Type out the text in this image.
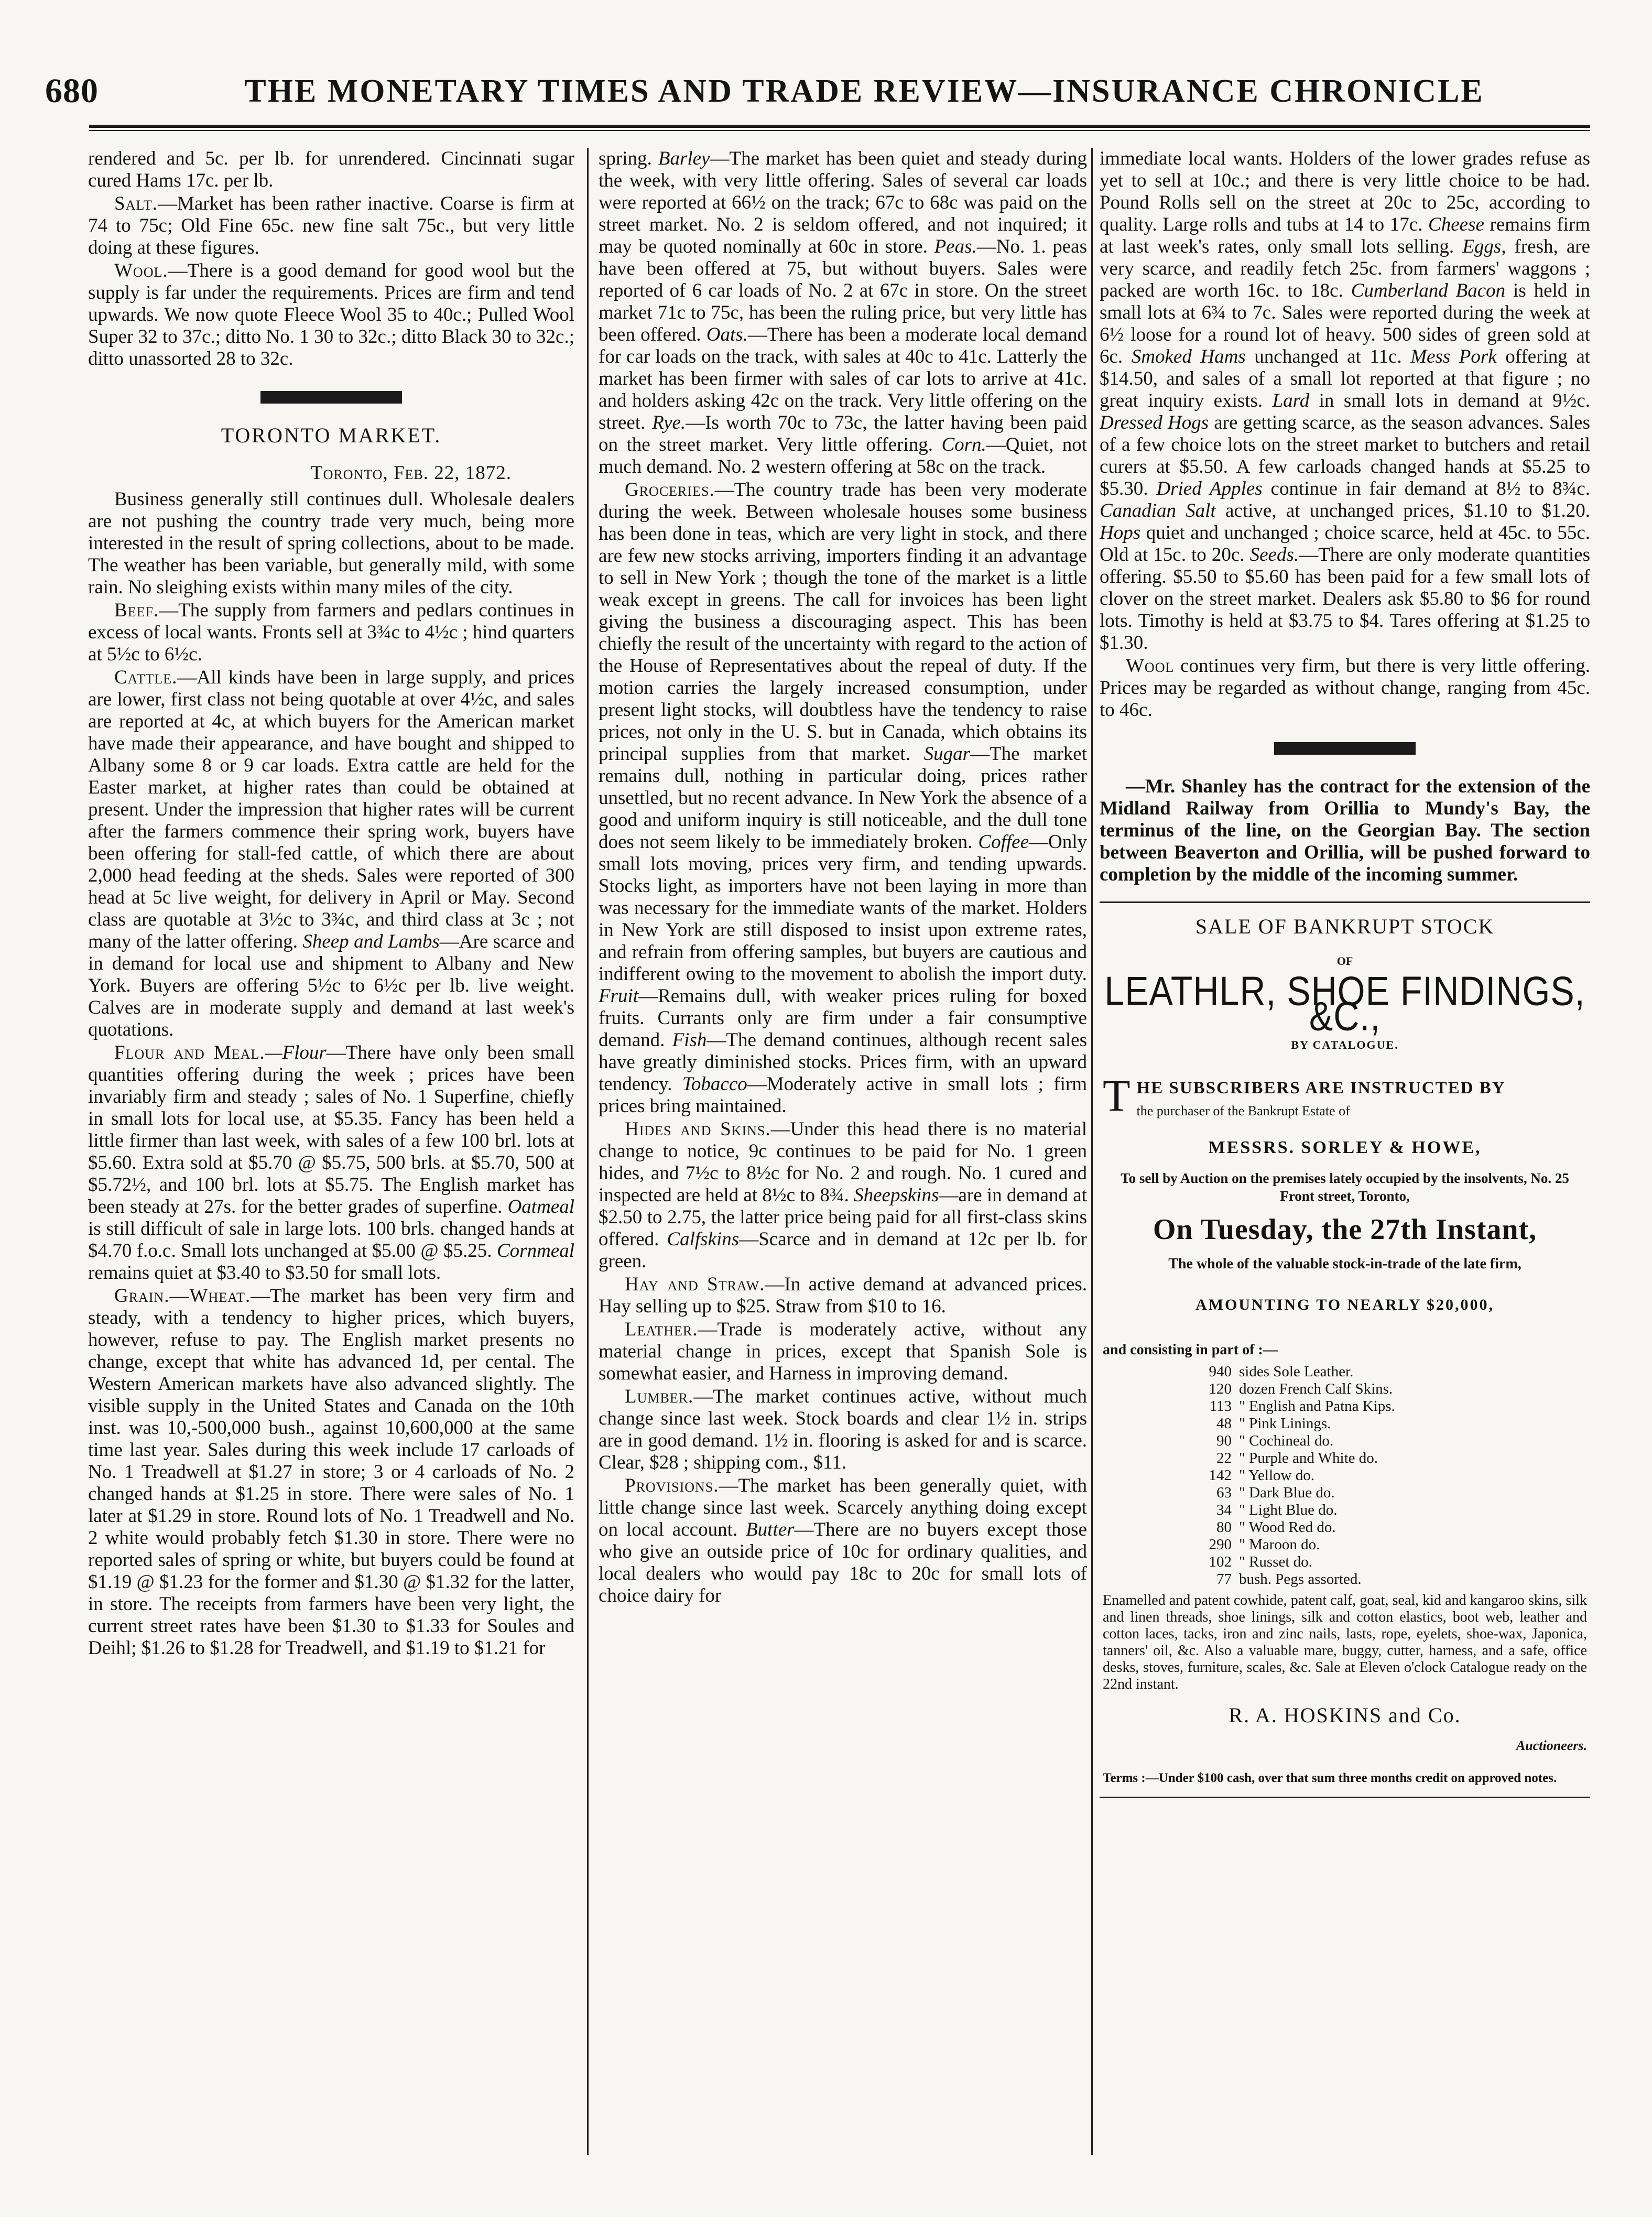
680	THE MONETARY TIMES AND TRADE REVIEW—INSURANCE CHRONICLE

rendered and 5c. per lb. for unrendered. Cincinnati sugar cured Hams 17c. per lb.

Salt.—Market has been rather inactive. Coarse is firm at 74 to 75c; Old Fine 65c. new fine salt 75c., but very little doing at these figures.

Wool.—There is a good demand for good wool but the supply is far under the requirements. Prices are firm and tend upwards. We now quote Fleece Wool 35 to 40c.; Pulled Wool Super 32 to 37c.; ditto No. 1 30 to 32c.; ditto Black 30 to 32c.; ditto unassorted 28 to 32c.

TORONTO MARKET.

Toronto, Feb. 22, 1872.

Business generally still continues dull. Wholesale dealers are not pushing the country trade very much, being more interested in the result of spring collections, about to be made. The weather has been variable, but generally mild, with some rain. No sleighing exists within many miles of the city.

Beef.—The supply from farmers and pedlars continues in excess of local wants. Fronts sell at 3¾c to 4½c ; hind quarters at 5½c to 6½c.

Cattle.—All kinds have been in large supply, and prices are lower, first class not being quotable at over 4½c, and sales are reported at 4c, at which buyers for the American market have made their appearance, and have bought and shipped to Albany some 8 or 9 car loads. Extra cattle are held for the Easter market, at higher rates than could be obtained at present. Under the impression that higher rates will be current after the farmers commence their spring work, buyers have been offering for stall-fed cattle, of which there are about 2,000 head feeding at the sheds. Sales were reported of 300 head at 5c live weight, for delivery in April or May. Second class are quotable at 3½c to 3¾c, and third class at 3c ; not many of the latter offering. Sheep and Lambs—Are scarce and in demand for local use and shipment to Albany and New York. Buyers are offering 5½c to 6½c per lb. live weight. Calves are in moderate supply and demand at last week's quotations.

Flour and Meal.—Flour—There have only been small quantities offering during the week ; prices have been invariably firm and steady ; sales of No. 1 Superfine, chiefly in small lots for local use, at $5.35. Fancy has been held a little firmer than last week, with sales of a few 100 brl. lots at $5.60. Extra sold at $5.70 @ $5.75, 500 brls. at $5.70, 500 at $5.72½, and 100 brl. lots at $5.75. The English market has been steady at 27s. for the better grades of superfine. Oatmeal is still difficult of sale in large lots. 100 brls. changed hands at $4.70 f.o.c. Small lots unchanged at $5.00 @ $5.25. Cornmeal remains quiet at $3.40 to $3.50 for small lots.

Grain.—Wheat.—The market has been very firm and steady, with a tendency to higher prices, which buyers, however, refuse to pay. The English market presents no change, except that white has advanced 1d, per cental. The Western American markets have also advanced slightly. The visible supply in the United States and Canada on the 10th inst. was 10,-500,000 bush., against 10,600,000 at the same time last year. Sales during this week include 17 carloads of No. 1 Treadwell at $1.27 in store; 3 or 4 carloads of No. 2 changed hands at $1.25 in store. There were sales of No. 1 later at $1.29 in store. Round lots of No. 1 Treadwell and No. 2 white would probably fetch $1.30 in store. There were no reported sales of spring or white, but buyers could be found at $1.19 @ $1.23 for the former and $1.30 @ $1.32 for the latter, in store. The receipts from farmers have been very light, the current street rates have been $1.30 to $1.33 for Soules and Deihl; $1.26 to $1.28 for Treadwell, and $1.19 to $1.21 for

spring. Barley—The market has been quiet and steady during the week, with very little offering. Sales of several car loads were reported at 66½ on the track; 67c to 68c was paid on the street market. No. 2 is seldom offered, and not inquired; it may be quoted nominally at 60c in store. Peas.—No. 1. peas have been offered at 75, but without buyers. Sales were reported of 6 car loads of No. 2 at 67c in store. On the street market 71c to 75c, has been the ruling price, but very little has been offered. Oats.—There has been a moderate local demand for car loads on the track, with sales at 40c to 41c. Latterly the market has been firmer with sales of car lots to arrive at 41c. and holders asking 42c on the track. Very little offering on the street. Rye.—Is worth 70c to 73c, the latter having been paid on the street market. Very little offering. Corn.—Quiet, not much demand. No. 2 western offering at 58c on the track.

Groceries.—The country trade has been very moderate during the week. Between wholesale houses some business has been done in teas, which are very light in stock, and there are few new stocks arriving, importers finding it an advantage to sell in New York ; though the tone of the market is a little weak except in greens. The call for invoices has been light giving the business a discouraging aspect. This has been chiefly the result of the uncertainty with regard to the action of the House of Representatives about the repeal of duty. If the motion carries the largely increased consumption, under present light stocks, will doubtless have the tendency to raise prices, not only in the U. S. but in Canada, which obtains its principal supplies from that market. Sugar—The market remains dull, nothing in particular doing, prices rather unsettled, but no recent advance. In New York the absence of a good and uniform inquiry is still noticeable, and the dull tone does not seem likely to be immediately broken. Coffee—Only small lots moving, prices very firm, and tending upwards. Stocks light, as importers have not been laying in more than was necessary for the immediate wants of the market. Holders in New York are still disposed to insist upon extreme rates, and refrain from offering samples, but buyers are cautious and indifferent owing to the movement to abolish the import duty. Fruit—Remains dull, with weaker prices ruling for boxed fruits. Currants only are firm under a fair consumptive demand. Fish—The demand continues, although recent sales have greatly diminished stocks. Prices firm, with an upward tendency. Tobacco—Moderately active in small lots ; firm prices bring maintained.

Hides and Skins.—Under this head there is no material change to notice, 9c continues to be paid for No. 1 green hides, and 7½c to 8½c for No. 2 and rough. No. 1 cured and inspected are held at 8½c to 8¾. Sheepskins—are in demand at $2.50 to 2.75, the latter price being paid for all first-class skins offered. Calfskins—Scarce and in demand at 12c per lb. for green.

Hay and Straw.—In active demand at advanced prices. Hay selling up to $25. Straw from $10 to 16.

Leather.—Trade is moderately active, without any material change in prices, except that Spanish Sole is somewhat easier, and Harness in improving demand.

Lumber.—The market continues active, without much change since last week. Stock boards and clear 1½ in. strips are in good demand. 1½ in. flooring is asked for and is scarce. Clear, $28 ; shipping com., $11.

Provisions.—The market has been generally quiet, with little change since last week. Scarcely anything doing except on local account. Butter—There are no buyers except those who give an outside price of 10c for ordinary qualities, and local dealers who would pay 18c to 20c for small lots of choice dairy for

immediate local wants. Holders of the lower grades refuse as yet to sell at 10c.; and there is very little choice to be had. Pound Rolls sell on the street at 20c to 25c, according to quality. Large rolls and tubs at 14 to 17c. Cheese remains firm at last week's rates, only small lots selling. Eggs, fresh, are very scarce, and readily fetch 25c. from farmers' waggons ; packed are worth 16c. to 18c. Cumberland Bacon is held in small lots at 6¾ to 7c. Sales were reported during the week at 6½ loose for a round lot of heavy. 500 sides of green sold at 6c. Smoked Hams unchanged at 11c. Mess Pork offering at $14.50, and sales of a small lot reported at that figure ; no great inquiry exists. Lard in small lots in demand at 9½c. Dressed Hogs are getting scarce, as the season advances. Sales of a few choice lots on the street market to butchers and retail curers at $5.50. A few carloads changed hands at $5.25 to $5.30. Dried Apples continue in fair demand at 8½ to 8¾c. Canadian Salt active, at unchanged prices, $1.10 to $1.20. Hops quiet and unchanged ; choice scarce, held at 45c. to 55c. Old at 15c. to 20c. Seeds.—There are only moderate quantities offering. $5.50 to $5.60 has been paid for a few small lots of clover on the street market. Dealers ask $5.80 to $6 for round lots. Timothy is held at $3.75 to $4. Tares offering at $1.25 to $1.30.

Wool continues very firm, but there is very little offering. Prices may be regarded as without change, ranging from 45c. to 46c.

—Mr. Shanley has the contract for the extension of the Midland Railway from Orillia to Mundy's Bay, the terminus of the line, on the Georgian Bay. The section between Beaverton and Orillia, will be pushed forward to completion by the middle of the incoming summer.

SALE OF BANKRUPT STOCK
OF
LEATHLR, SHOE FINDINGS, &C.,
BY CATALOGUE.
THE SUBSCRIBERS ARE INSTRUCTED BY
the purchaser of the Bankrupt Estate of
MESSRS. SORLEY & HOWE,
To sell by Auction on the premises lately occupied by the insolvents, No. 25 Front street, Toronto,
On Tuesday, the 27th Instant,
The whole of the valuable stock-in-trade of the late firm,
AMOUNTING TO NEARLY $20,000,
and consisting in part of :—
940 sides Sole Leather.
120 dozen French Calf Skins.
113 " English and Patna Kips.
48 " Pink Linings.
90 " Cochineal do.
22 " Purple and White do.
142 " Yellow do.
63 " Dark Blue do.
34 " Light Blue do.
80 " Wood Red do.
290 " Maroon do.
102 " Russet do.
77 bush. Pegs assorted.
Enamelled and patent cowhide, patent calf, goat, seal, kid and kangaroo skins, silk and linen threads, shoe linings, silk and cotton elastics, boot web, leather and cotton laces, tacks, iron and zinc nails, lasts, rope, eyelets, shoe-wax, Japonica, tanners' oil, &c. Also a valuable mare, buggy, cutter, harness, and a safe, office desks, stoves, furniture, scales, &c. Sale at Eleven o'clock Catalogue ready on the 22nd instant.
R. A. HOSKINS and Co.
Auctioneers.
Terms :—Under $100 cash, over that sum three months credit on approved notes.
